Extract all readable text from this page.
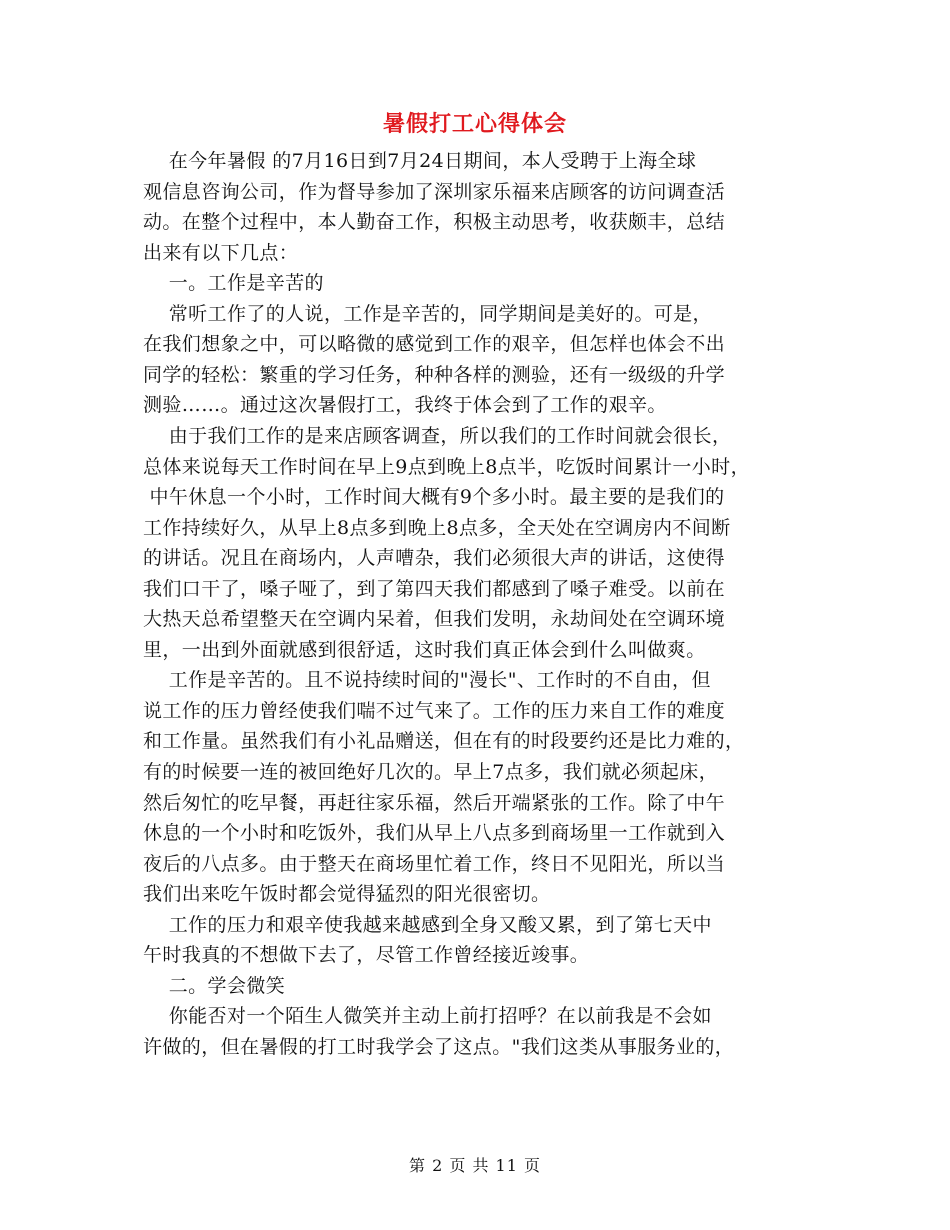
暑假打工心得体会
在今年暑假 的7月16日到7月24日期间，本人受聘于上海全球
观信息咨询公司，作为督导参加了深圳家乐福来店顾客的访问调查活
动。在整个过程中，本人勤奋工作，积极主动思考，收获颇丰，总结
出来有以下几点：
一。工作是辛苦的
常听工作了的人说，工作是辛苦的，同学期间是美好的。可是，
在我们想象之中，可以略微的感觉到工作的艰辛，但怎样也体会不出
同学的轻松：繁重的学习任务，种种各样的测验，还有一级级的升学
测验……。通过这次暑假打工，我终于体会到了工作的艰辛。
由于我们工作的是来店顾客调查，所以我们的工作时间就会很长，
总体来说每天工作时间在早上9点到晚上8点半，吃饭时间累计一小时，
中午休息一个小时，工作时间大概有9个多小时。最主要的是我们的
工作持续好久，从早上8点多到晚上8点多，全天处在空调房内不间断
的讲话。况且在商场内，人声嘈杂，我们必须很大声的讲话，这使得
我们口干了，嗓子哑了，到了第四天我们都感到了嗓子难受。以前在
大热天总希望整天在空调内呆着，但我们发明，永劫间处在空调环境
里，一出到外面就感到很舒适，这时我们真正体会到什么叫做爽。
工作是辛苦的。且不说持续时间的"漫长"、工作时的不自由，但
说工作的压力曾经使我们喘不过气来了。工作的压力来自工作的难度
和工作量。虽然我们有小礼品赠送，但在有的时段要约还是比力难的，
有的时候要一连的被回绝好几次的。早上7点多，我们就必须起床，
然后匆忙的吃早餐，再赶往家乐福，然后开端紧张的工作。除了中午
休息的一个小时和吃饭外，我们从早上八点多到商场里一工作就到入
夜后的八点多。由于整天在商场里忙着工作，终日不见阳光，所以当
我们出来吃午饭时都会觉得猛烈的阳光很密切。
工作的压力和艰辛使我越来越感到全身又酸又累，到了第七天中
午时我真的不想做下去了，尽管工作曾经接近竣事。
二。学会微笑
你能否对一个陌生人微笑并主动上前打招呼？在以前我是不会如
许做的，但在暑假的打工时我学会了这点。"我们这类从事服务业的，
第 2 页 共 11 页
